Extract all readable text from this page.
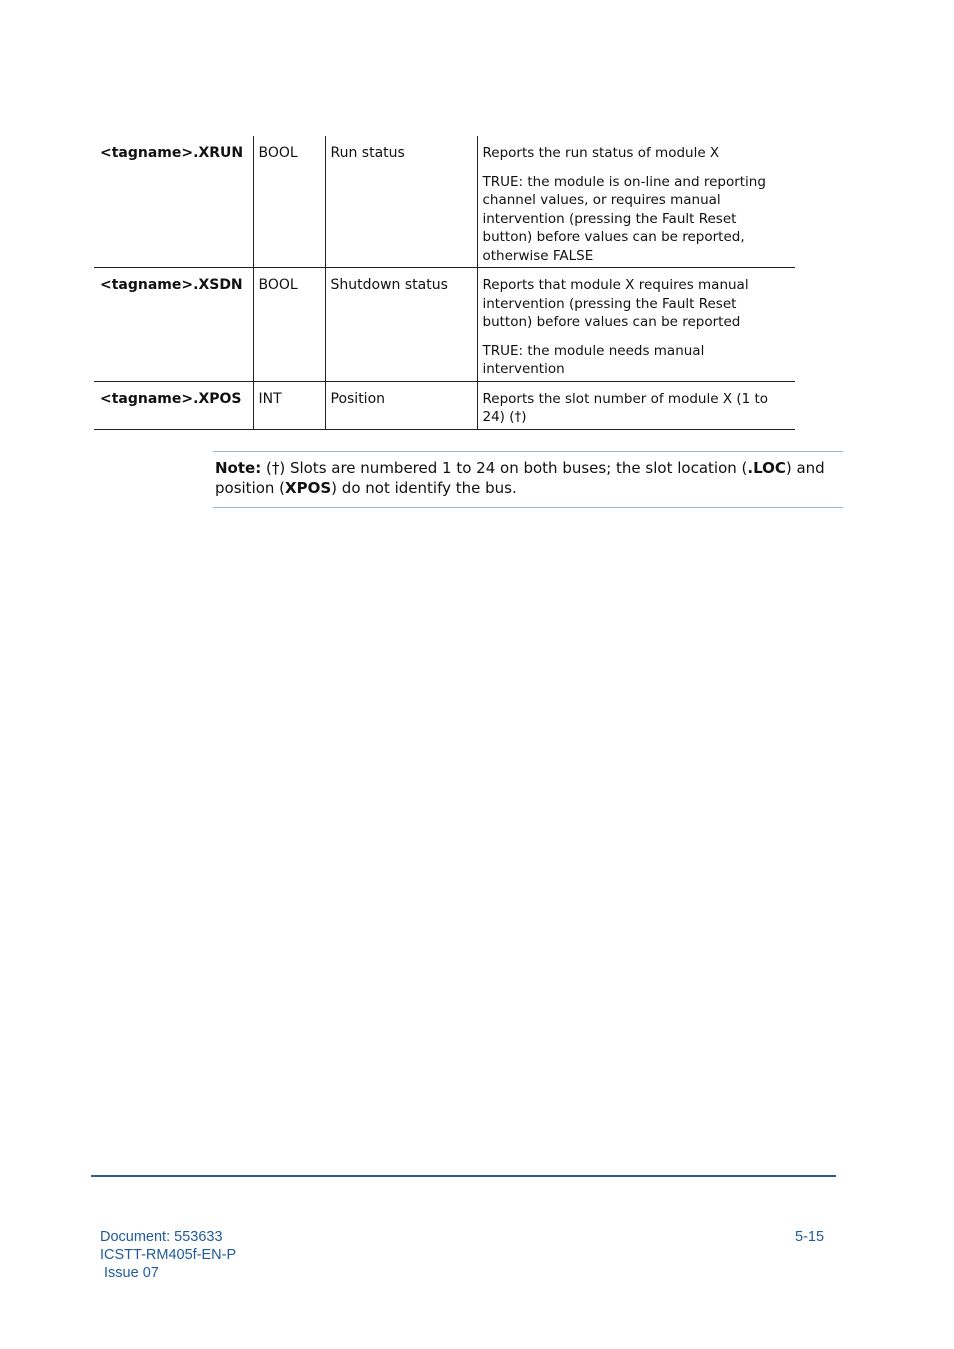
<tagname>.XRUN	BOOL	Run status	Reports the run status of module X

TRUE: the module is on-line and reporting channel values, or requires manual intervention (pressing the Fault Reset button) before values can be reported, otherwise FALSE

<tagname>.XSDN	BOOL	Shutdown status	Reports that module X requires manual intervention (pressing the Fault Reset button) before values can be reported

TRUE: the module needs manual intervention

<tagname>.XPOS	INT	Position	Reports the slot number of module X (1 to 24) (†)

Note: (†) Slots are numbered 1 to 24 on both buses; the slot location (.LOC) and position (XPOS) do not identify the bus.
Document: 553633
ICSTT-RM405f-EN-P
Issue 07
5-15
